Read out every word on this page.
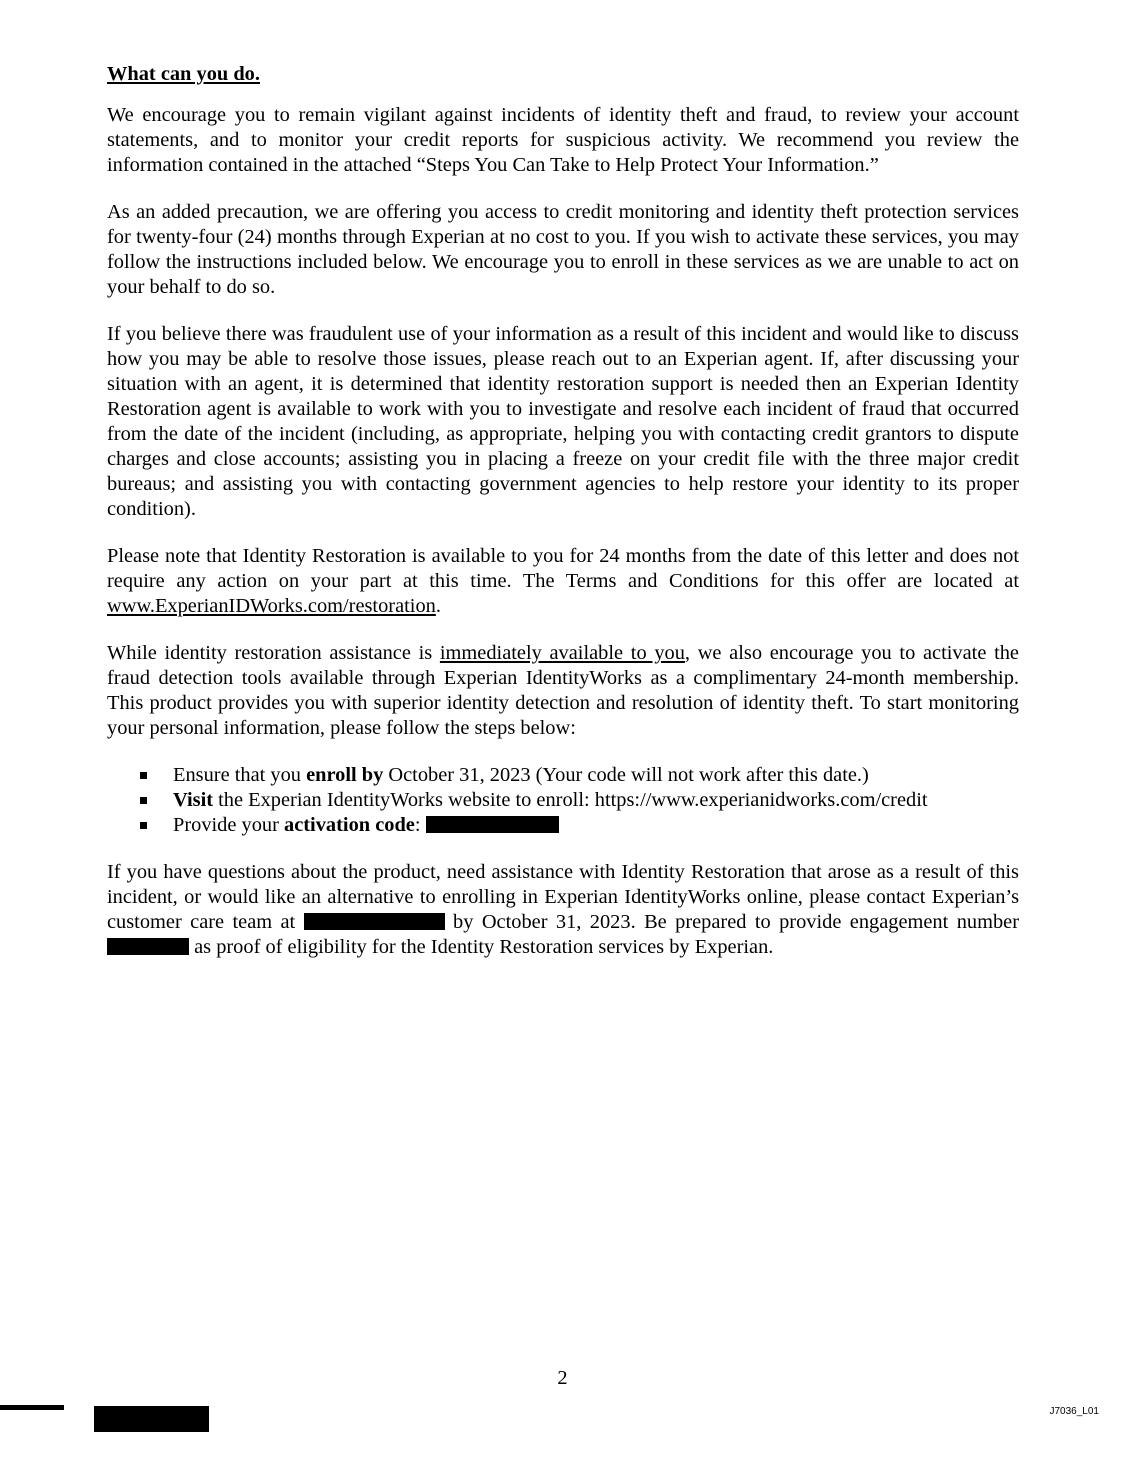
What can you do.

We encourage you to remain vigilant against incidents of identity theft and fraud, to review your account statements, and to monitor your credit reports for suspicious activity. We recommend you review the information contained in the attached “Steps You Can Take to Help Protect Your Information.”

As an added precaution, we are offering you access to credit monitoring and identity theft protection services for twenty-four (24) months through Experian at no cost to you. If you wish to activate these services, you may follow the instructions included below. We encourage you to enroll in these services as we are unable to act on your behalf to do so.

If you believe there was fraudulent use of your information as a result of this incident and would like to discuss how you may be able to resolve those issues, please reach out to an Experian agent. If, after discussing your situation with an agent, it is determined that identity restoration support is needed then an Experian Identity Restoration agent is available to work with you to investigate and resolve each incident of fraud that occurred from the date of the incident (including, as appropriate, helping you with contacting credit grantors to dispute charges and close accounts; assisting you in placing a freeze on your credit file with the three major credit bureaus; and assisting you with contacting government agencies to help restore your identity to its proper condition).

Please note that Identity Restoration is available to you for 24 months from the date of this letter and does not require any action on your part at this time. The Terms and Conditions for this offer are located at www.ExperianIDWorks.com/restoration.

While identity restoration assistance is immediately available to you, we also encourage you to activate the fraud detection tools available through Experian IdentityWorks as a complimentary 24-month membership. This product provides you with superior identity detection and resolution of identity theft. To start monitoring your personal information, please follow the steps below:

Ensure that you enroll by October 31, 2023 (Your code will not work after this date.)
Visit the Experian IdentityWorks website to enroll: https://www.experianidworks.com/credit
Provide your activation code:

If you have questions about the product, need assistance with Identity Restoration that arose as a result of this incident, or would like an alternative to enrolling in Experian IdentityWorks online, please contact Experian’s customer care team at	by October 31, 2023. Be prepared to provide engagement number  as proof of eligibility for the Identity Restoration services by Experian.

2
J7036_L01
